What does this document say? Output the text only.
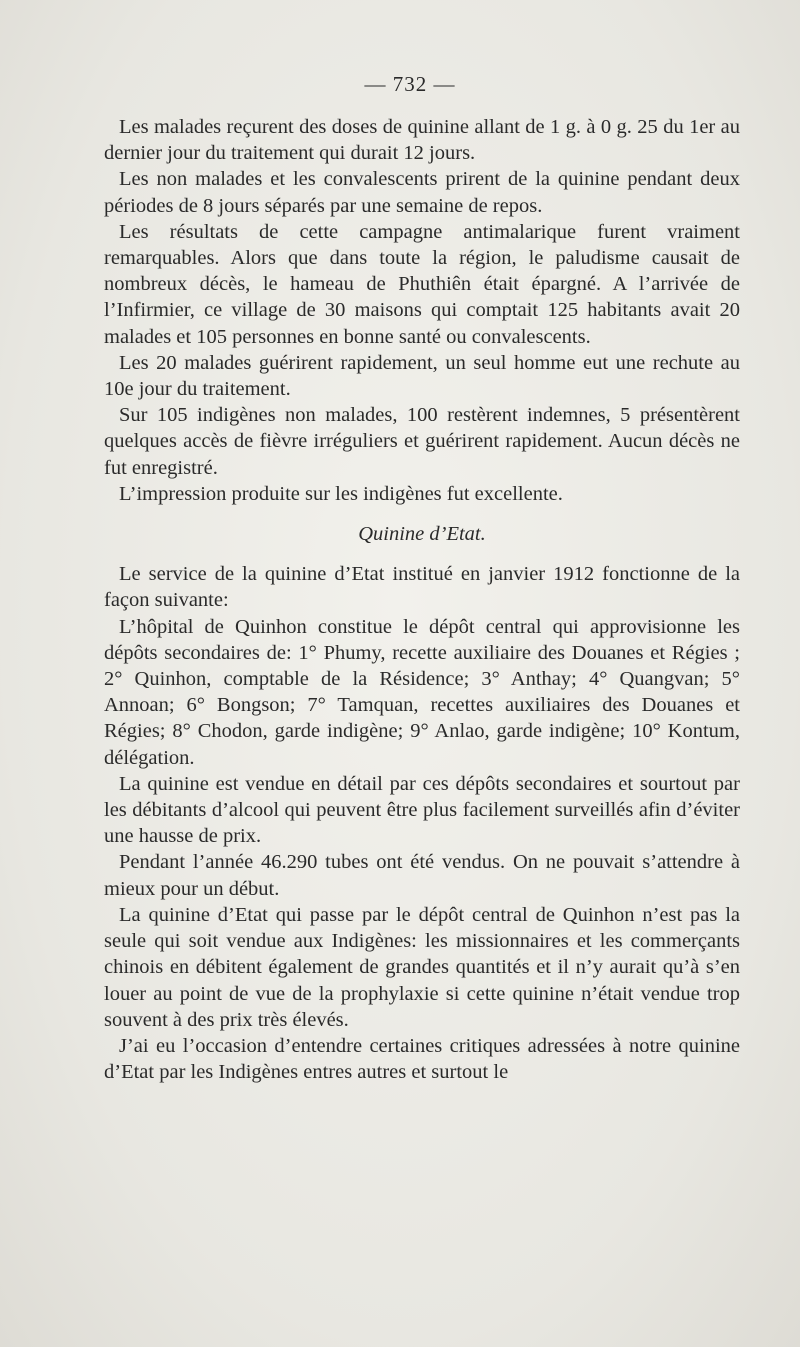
— 732 —

Les malades reçurent des doses de quinine allant de 1 g. à 0 g. 25 du 1er au dernier jour du traitement qui durait 12 jours.

Les non malades et les convalescents prirent de la quinine pendant deux périodes de 8 jours séparés par une semaine de repos.

Les résultats de cette campagne antimalarique furent vraiment remarquables. Alors que dans toute la région, le paludisme causait de nombreux décès, le hameau de Phuthiên était épargné. A l’arrivée de l’Infirmier, ce village de 30 maisons qui comptait 125 habitants avait 20 malades et 105 personnes en bonne santé ou convalescents.

Les 20 malades guérirent rapidement, un seul homme eut une rechute au 10e jour du traitement.

Sur 105 indigènes non malades, 100 restèrent indemnes, 5 présentèrent quelques accès de fièvre irréguliers et guérirent rapidement. Aucun décès ne fut enregistré.

L’impression produite sur les indigènes fut excellente.

Quinine d’Etat.

Le service de la quinine d’Etat institué en janvier 1912 fonctionne de la façon suivante:

L’hôpital de Quinhon constitue le dépôt central qui approvisionne les dépôts secondaires de: 1° Phumy, recette auxiliaire des Douanes et Régies ; 2° Quinhon, comptable de la Résidence; 3° Anthay; 4° Quangvan; 5° Annoan; 6° Bongson; 7° Tamquan, recettes auxiliaires des Douanes et Régies; 8° Chodon, garde indigène; 9° Anlao, garde indigène; 10° Kontum, délégation.

La quinine est vendue en détail par ces dépôts secondaires et sourtout par les débitants d’alcool qui peuvent être plus facilement surveillés afin d’éviter une hausse de prix.

Pendant l’année 46.290 tubes ont été vendus. On ne pouvait s’attendre à mieux pour un début.

La quinine d’Etat qui passe par le dépôt central de Quinhon n’est pas la seule qui soit vendue aux Indigènes: les missionnaires et les commerçants chinois en débitent également de grandes quantités et il n’y aurait qu’à s’en louer au point de vue de la prophylaxie si cette quinine n’était vendue trop souvent à des prix très élevés.

J’ai eu l’occasion d’entendre certaines critiques adressées à notre quinine d’Etat par les Indigènes entres autres et surtout le
